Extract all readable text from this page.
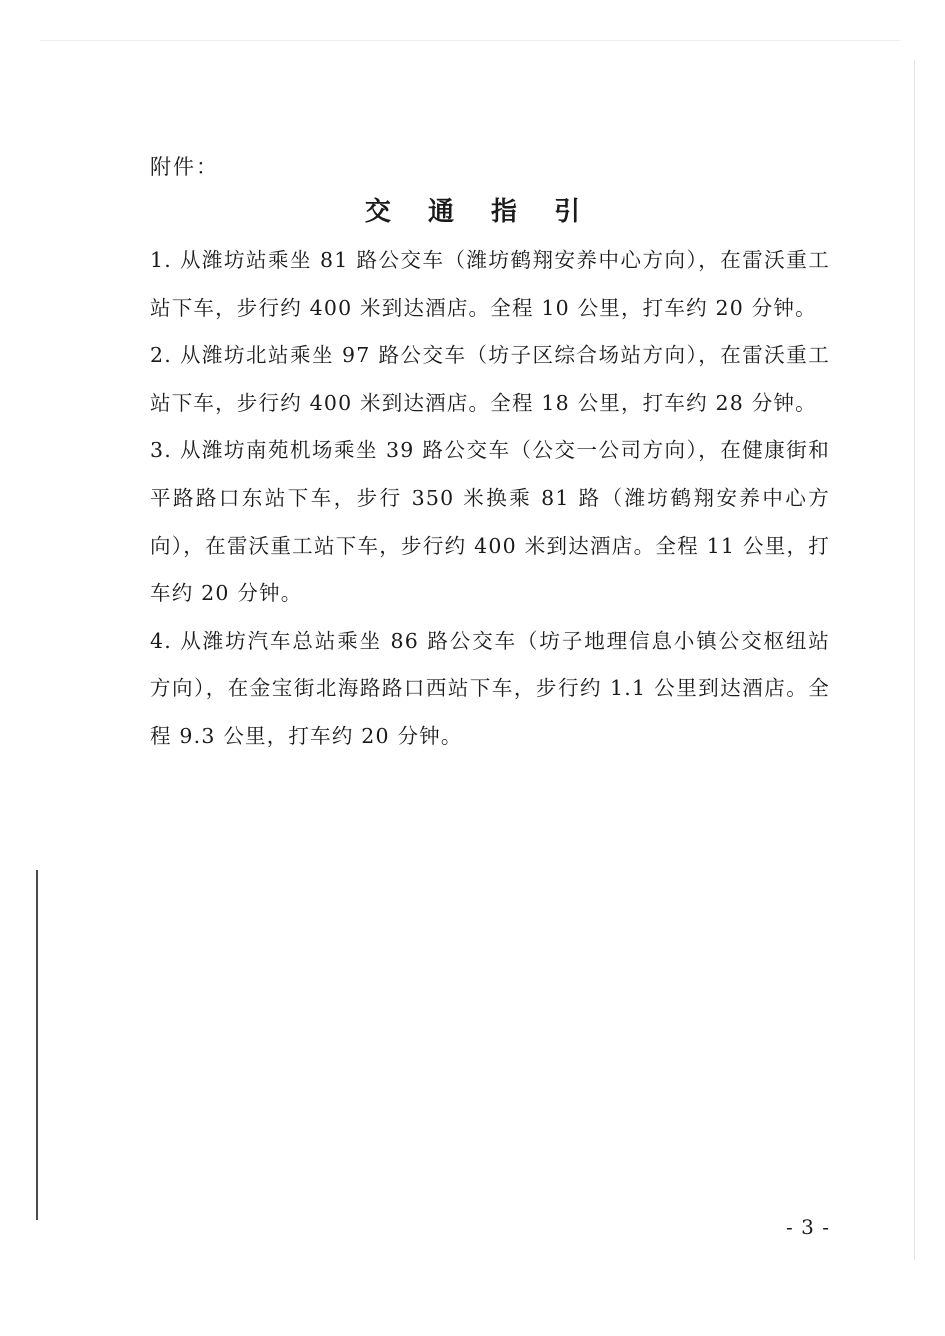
附件：
交 通 指 引

1. 从潍坊站乘坐 81 路公交车（潍坊鹤翔安养中心方向），在雷沃重工站下车，步行约 400 米到达酒店。全程 10 公里，打车约 20 分钟。

2. 从潍坊北站乘坐 97 路公交车（坊子区综合场站方向），在雷沃重工站下车，步行约 400 米到达酒店。全程 18 公里，打车约 28 分钟。

3. 从潍坊南苑机场乘坐 39 路公交车（公交一公司方向），在健康街和平路路口东站下车，步行 350 米换乘 81 路（潍坊鹤翔安养中心方向），在雷沃重工站下车，步行约 400 米到达酒店。全程 11 公里，打车约 20 分钟。

4. 从潍坊汽车总站乘坐 86 路公交车（坊子地理信息小镇公交枢纽站方向），在金宝街北海路路口西站下车，步行约 1.1 公里到达酒店。全程 9.3 公里，打车约 20 分钟。

- 3 -
